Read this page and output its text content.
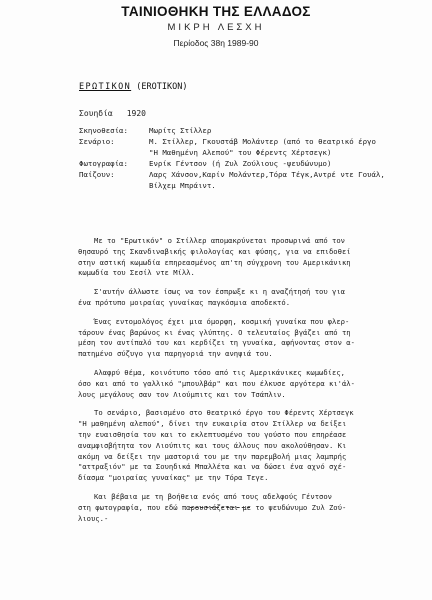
ΤΑΙΝΙΟΘΗΚΗ ΤΗΣ ΕΛΛΑΔΟΣ
ΜΙΚΡΗ ΛΕΣΧΗ
Περίοδος 38η 1989-90
ΕΡΩΤΙΚΟΝ (EROTIKON)
Σουηδία 1920
Σκηνοθεσία:	Μωρίτς Στίλλερ
Σενάριο:	Μ. Στίλλερ, Γκουστάβ Μολάντερ (από το θεατρικό έργο
"Η Μαθημένη Αλεπού" του Φέρεντς Χέρτσεγκ)
Φωτογραφία:	Ενρίκ Γέντσον (ή Ζυλ Ζούλιους -ψευδώνυμο)
Παίζουν:	Λαρς Χάνσον,Καρίν Μολάντερ,Τόρα Τέγκ,Αντρέ ντε Γουάλ,
Βίλχεμ Μπράιντ.
Με το "Ερωτικόν" ο Στίλλερ απομακρύνεται προσωρινά από τον
θησαυρό της Σκανδιναβικής φιλολογίας και φύσης, για να επιδοθεί
στην αστική κωμωδία επηρεασμένος απ'τη σύγχρονη του Αμερικάνικη
κωμωδία του Σεσίλ ντε Μίλλ.
Σ'αυτήν άλλωστε ίσως να τον έσπρωξε κι η αναζήτησή του για
ένα πρότυπο μοιραίας γυναίκας παγκόσμια αποδεκτό.
Ένας εντομολόγος έχει μια όμορφη, κοσμική γυναίκα που φλερ-
τάρουν ένας βαρώνος κι ένας γλύπτης. Ο τελευταίος βγάζει από τη
μέση τον αντίπαλό του και κερδίζει τη γυναίκα, αφήνοντας στον α-
πατημένο σύζυγο για παρηγοριά την ανηψιά του.
Αλαφρύ θέμα, κοινότυπο τόσο από τις Αμερικάνικες κωμωδίες,
όσο και από το γαλλικό "μπουλβάρ" και που έλκυσε αργότερα κι'άλ-
λους μεγάλους σαν τον Λιούμπιτς και τον Τσάπλιν.
Το σενάριο, βασισμένο στο θεατρικό έργο του Φέρεντς Χέρτσεγκ
"Η μαθημένη αλεπού", δίνει την ευκαιρία στον Στίλλερ να δείξει
την ευαισθησία του και το εκλεπτυσμένο του γούστο που επηρέασε
αναμφισβήτητα τον Λιούπιτς και τους άλλους που ακολούθησαν. Κι
ακόμη να δείξει την μαστοριά του με την παρεμβολή μιας λαμπρής
"αττραξιόν" με τα Σουηδικά Μπαλλέτα και να δώσει ένα αχνό σχέ-
δίασμα "μοιραίας γυναίκας" με την Τόρα Τεγε.
Και βέβαια με τη βοήθεια ενός από τους αδελφούς Γέντσον
στη φωτογραφία, που εδώ παρουσιάζεται με το ψευδώνυμο Ζυλ Ζού-
λιους.-
